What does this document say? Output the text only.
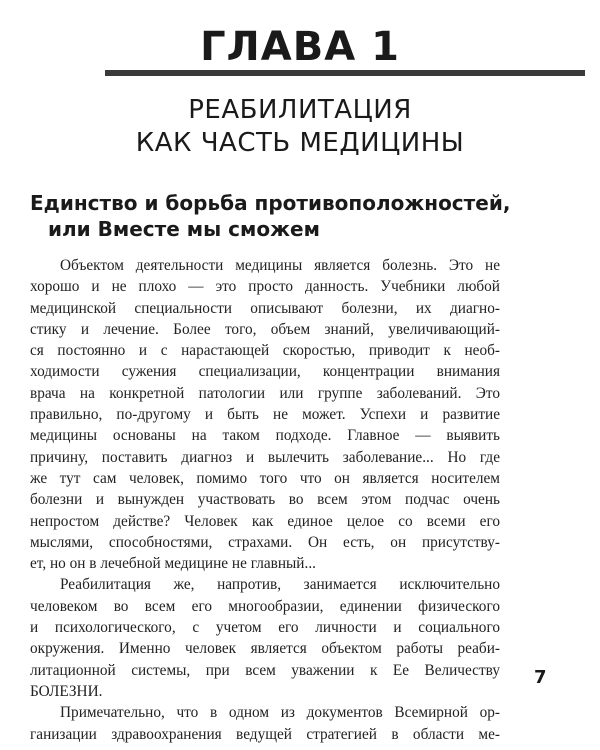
ГЛАВА 1
РЕАБИЛИТАЦИЯ
КАК ЧАСТЬ МЕДИЦИНЫ
Единство и борьба противоположностей,
или Вместе мы сможем
Объектом деятельности медицины является болезнь. Это не
хорошо и не плохо — это просто данность. Учебники любой
медицинской специальности описывают болезни, их диагно-
стику и лечение. Более того, объем знаний, увеличивающий-
ся постоянно и с нарастающей скоростью, приводит к необ-
ходимости сужения специализации, концентрации внимания
врача на конкретной патологии или группе заболеваний. Это
правильно, по-другому и быть не может. Успехи и развитие
медицины основаны на таком подходе. Главное — выявить
причину, поставить диагноз и вылечить заболевание... Но где
же тут сам человек, помимо того что он является носителем
болезни и вынужден участвовать во всем этом подчас очень
непростом действе? Человек как единое целое со всеми его
мыслями, способностями, страхами. Он есть, он присутству-
ет, но он в лечебной медицине не главный...
Реабилитация же, напротив, занимается исключительно
человеком во всем его многообразии, единении физического
и психологического, с учетом его личности и социального
окружения. Именно человек является объектом работы реаби-
литационной системы, при всем уважении к Ее Величеству
БОЛЕЗНИ.
Примечательно, что в одном из документов Всемирной ор-
ганизации здравоохранения ведущей стратегией в области ме-
7
